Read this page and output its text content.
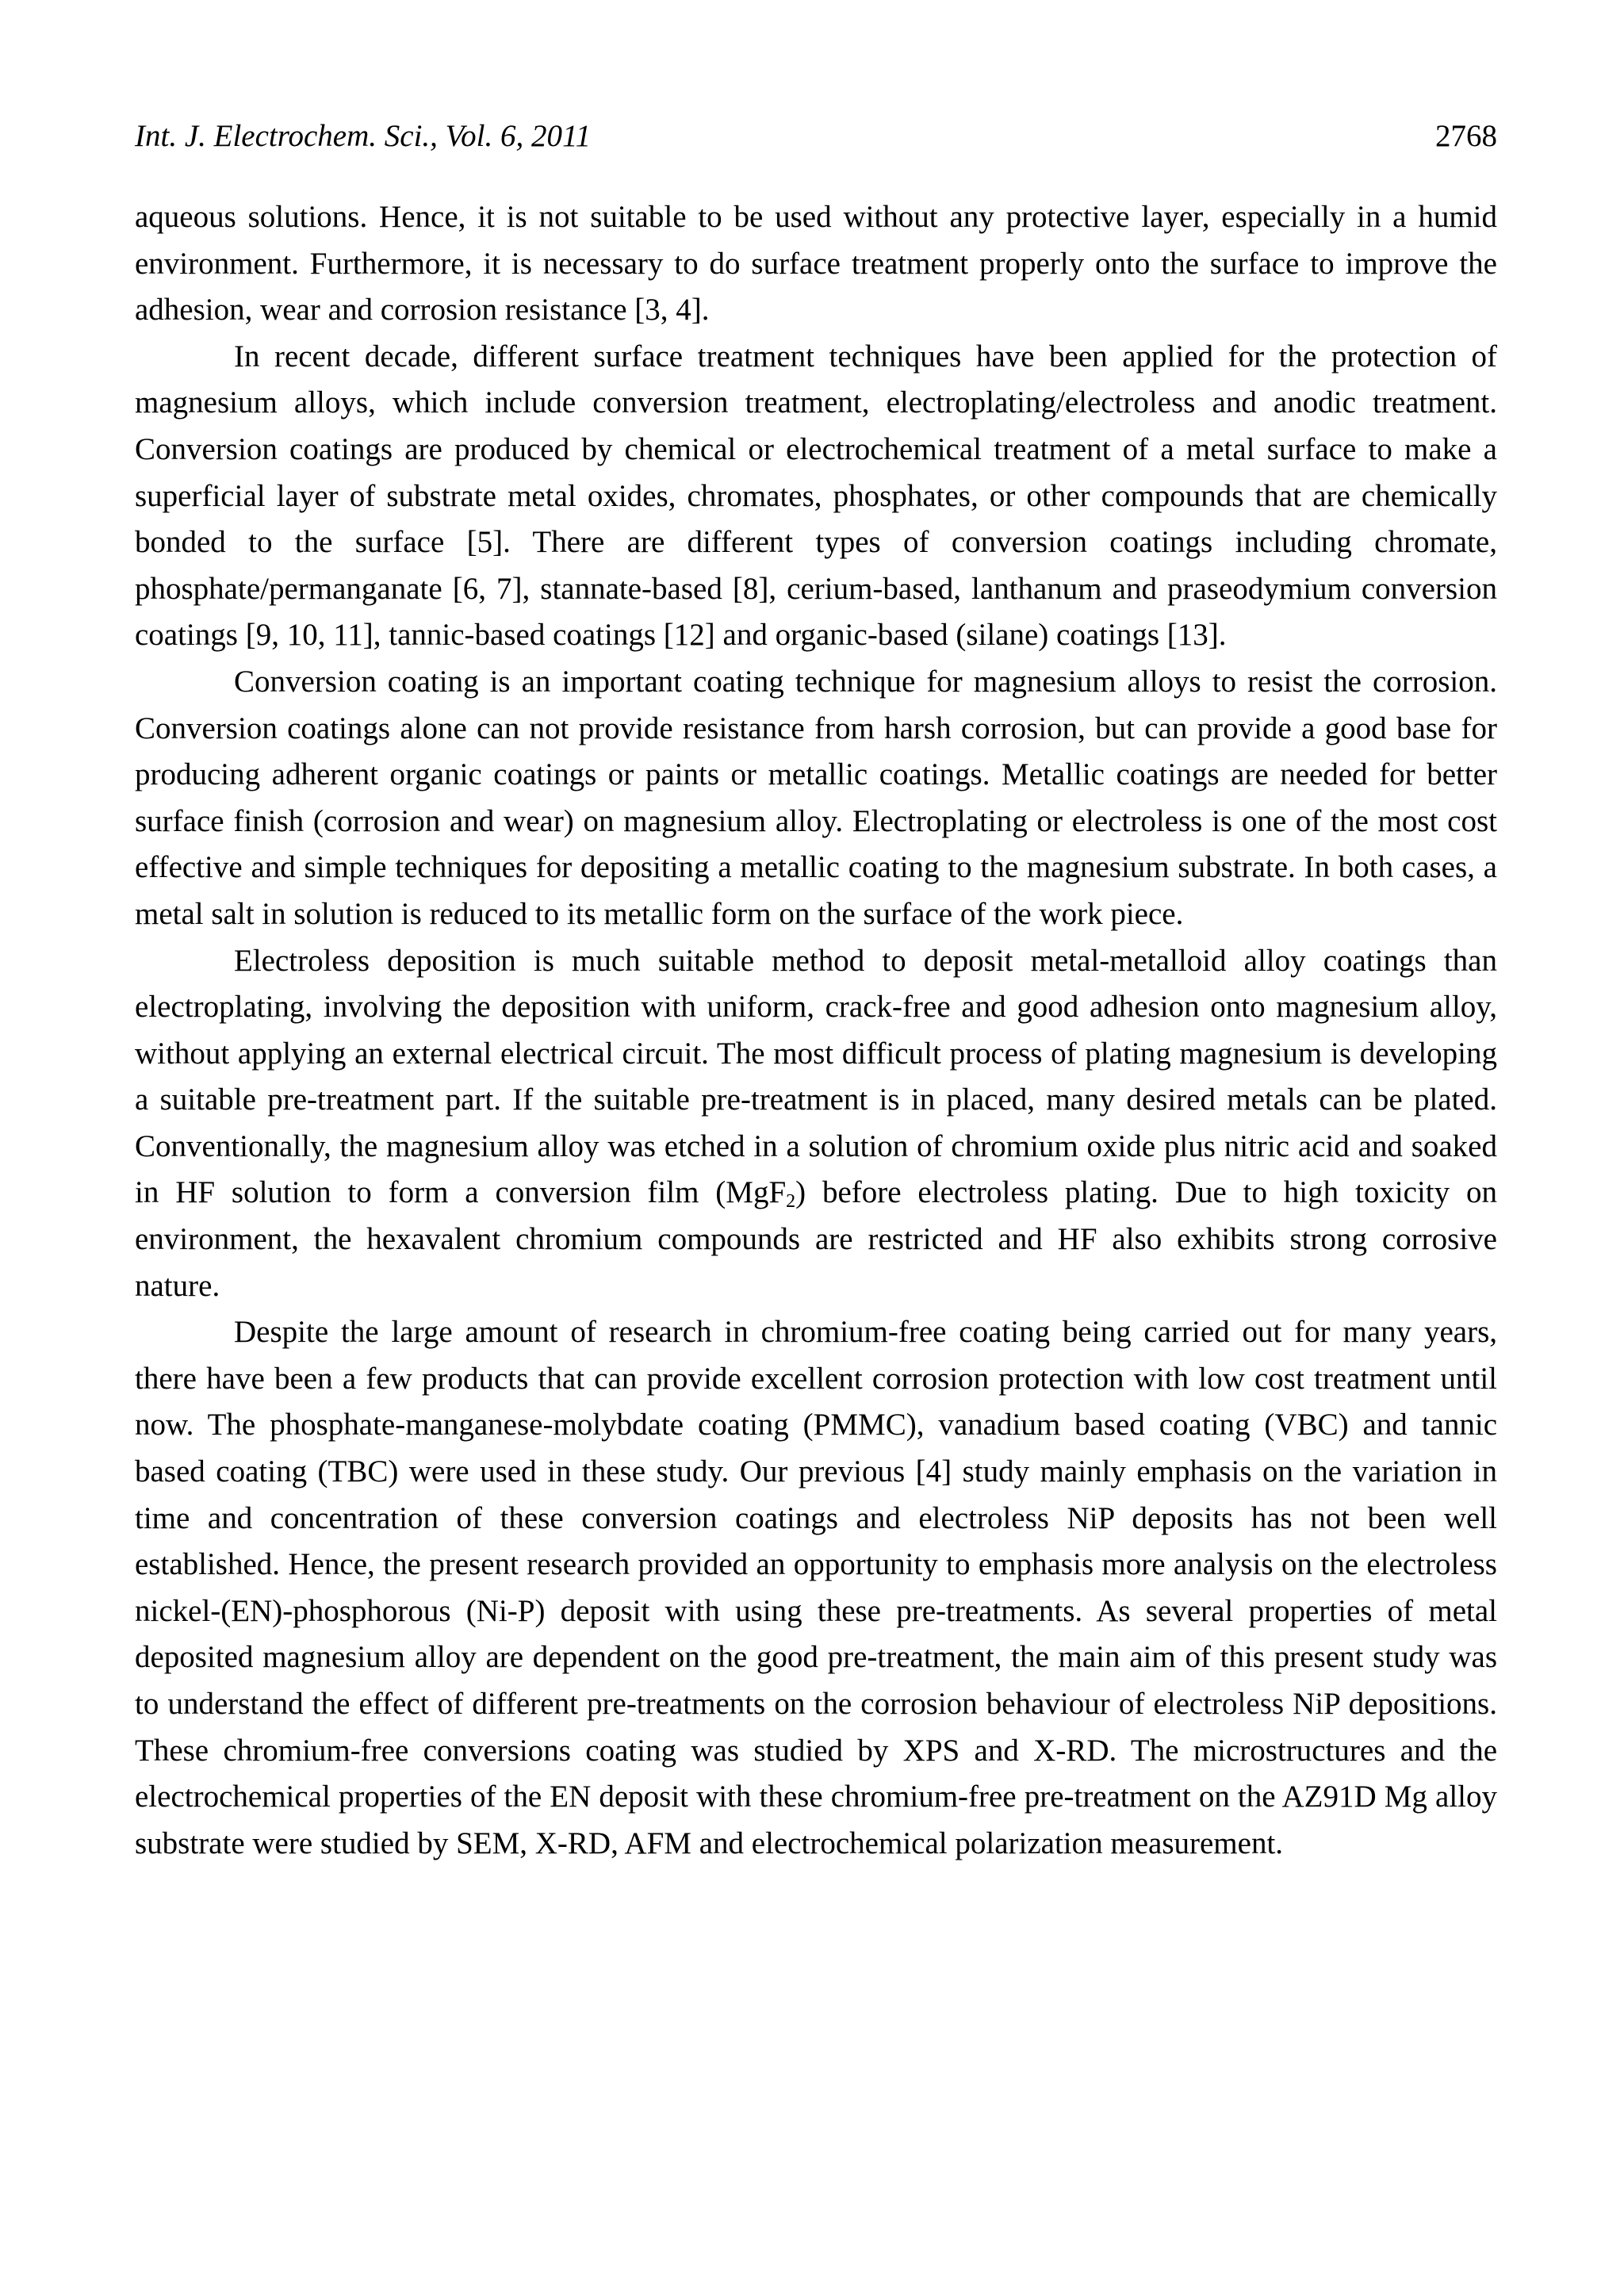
Int. J. Electrochem. Sci., Vol. 6, 2011	2768

aqueous solutions. Hence, it is not suitable to be used without any protective layer, especially in a humid environment. Furthermore, it is necessary to do surface treatment properly onto the surface to improve the adhesion, wear and corrosion resistance [3, 4].

In recent decade, different surface treatment techniques have been applied for the protection of magnesium alloys, which include conversion treatment, electroplating/electroless and anodic treatment. Conversion coatings are produced by chemical or electrochemical treatment of a metal surface to make a superficial layer of substrate metal oxides, chromates, phosphates, or other compounds that are chemically bonded to the surface [5]. There are different types of conversion coatings including chromate, phosphate/permanganate [6, 7], stannate-based [8], cerium-based, lanthanum and praseodymium conversion coatings [9, 10, 11], tannic-based coatings [12] and organic-based (silane) coatings [13].

Conversion coating is an important coating technique for magnesium alloys to resist the corrosion. Conversion coatings alone can not provide resistance from harsh corrosion, but can provide a good base for producing adherent organic coatings or paints or metallic coatings. Metallic coatings are needed for better surface finish (corrosion and wear) on magnesium alloy. Electroplating or electroless is one of the most cost effective and simple techniques for depositing a metallic coating to the magnesium substrate. In both cases, a metal salt in solution is reduced to its metallic form on the surface of the work piece.

Electroless deposition is much suitable method to deposit metal-metalloid alloy coatings than electroplating, involving the deposition with uniform, crack-free and good adhesion onto magnesium alloy, without applying an external electrical circuit. The most difficult process of plating magnesium is developing a suitable pre-treatment part. If the suitable pre-treatment is in placed, many desired metals can be plated. Conventionally, the magnesium alloy was etched in a solution of chromium oxide plus nitric acid and soaked in HF solution to form a conversion film (MgF$_2$) before electroless plating. Due to high toxicity on environment, the hexavalent chromium compounds are restricted and HF also exhibits strong corrosive nature.

Despite the large amount of research in chromium-free coating being carried out for many years, there have been a few products that can provide excellent corrosion protection with low cost treatment until now. The phosphate-manganese-molybdate coating (PMMC), vanadium based coating (VBC) and tannic based coating (TBC) were used in these study. Our previous [4] study mainly emphasis on the variation in time and concentration of these conversion coatings and electroless NiP deposits has not been well established. Hence, the present research provided an opportunity to emphasis more analysis on the electroless nickel-(EN)-phosphorous (Ni-P) deposit with using these pre-treatments. As several properties of metal deposited magnesium alloy are dependent on the good pre-treatment, the main aim of this present study was to understand the effect of different pre-treatments on the corrosion behaviour of electroless NiP depositions. These chromium-free conversions coating was studied by XPS and X-RD. The microstructures and the electrochemical properties of the EN deposit with these chromium-free pre-treatment on the AZ91D Mg alloy substrate were studied by SEM, X-RD, AFM and electrochemical polarization measurement.
